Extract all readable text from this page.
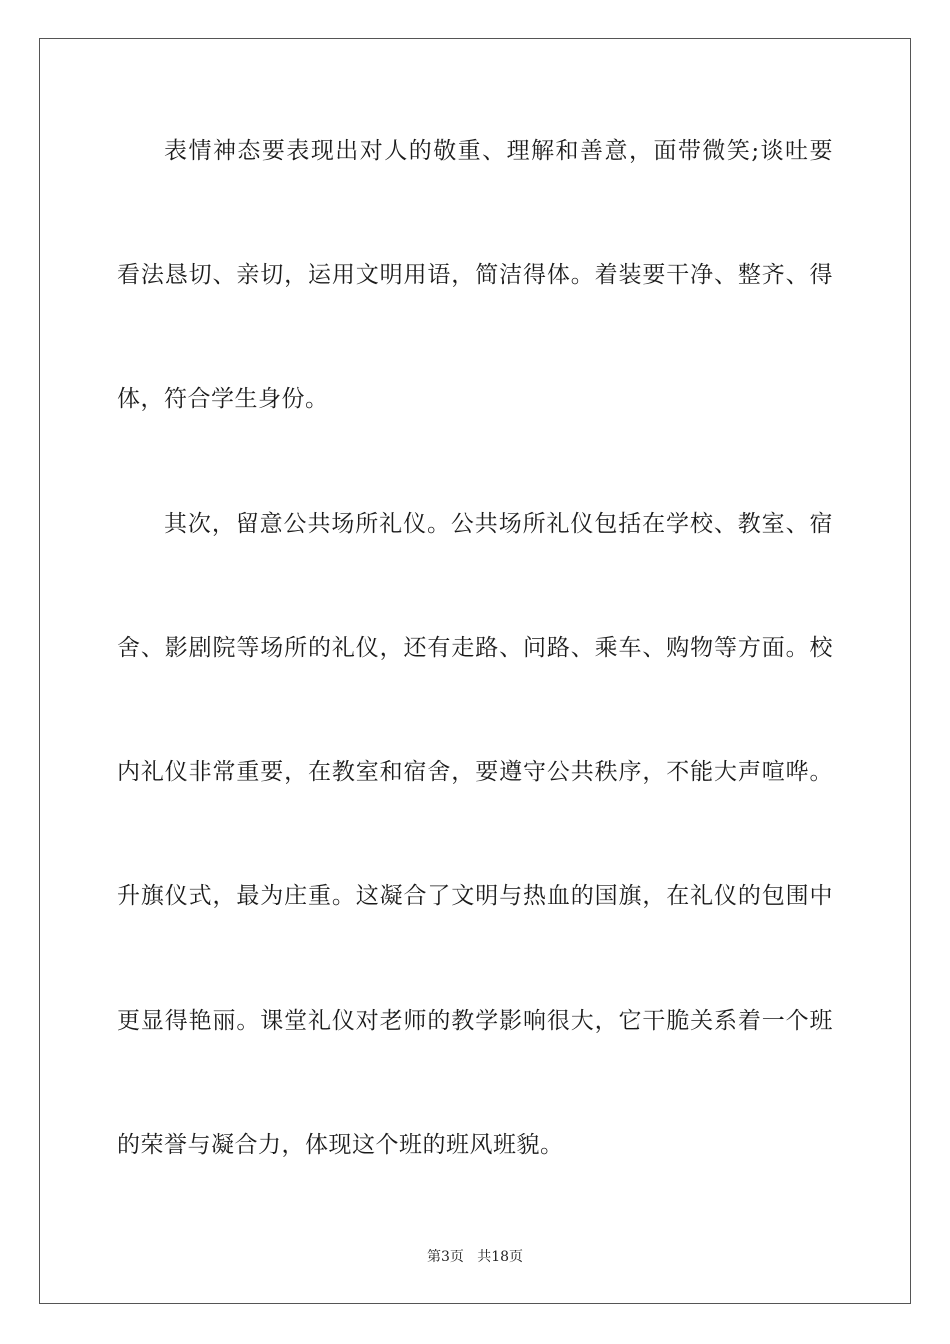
表情神态要表现出对人的敬重、理解和善意，面带微笑;谈吐要
看法恳切、亲切，运用文明用语，简洁得体。着装要干净、整齐、得
体，符合学生身份。
其次，留意公共场所礼仪。公共场所礼仪包括在学校、教室、宿
舍、影剧院等场所的礼仪，还有走路、问路、乘车、购物等方面。校
内礼仪非常重要，在教室和宿舍，要遵守公共秩序，不能大声喧哗。
升旗仪式，最为庄重。这凝合了文明与热血的国旗，在礼仪的包围中
更显得艳丽。课堂礼仪对老师的教学影响很大，它干脆关系着一个班
的荣誉与凝合力，体现这个班的班风班貌。
第3页   共18页
